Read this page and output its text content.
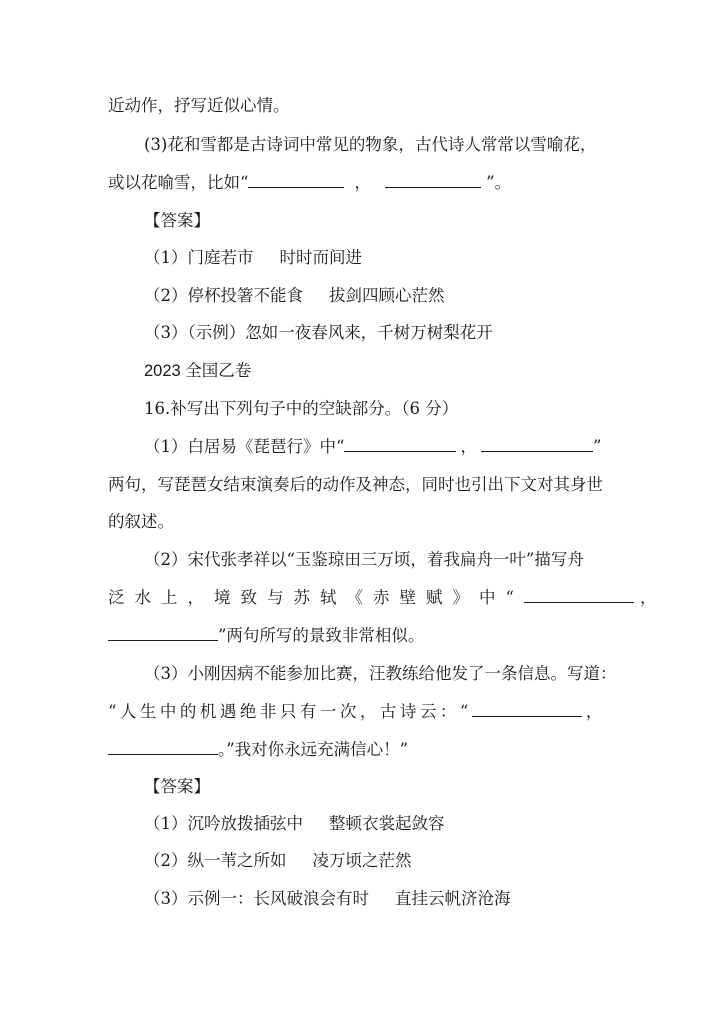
近动作，抒写近似心情。
(3)花和雪都是古诗词中常见的物象，古代诗人常常以雪喻花，
或以花喻雪，比如“	，	”。
【答案】
（1）门庭若市 时时而间进
（2）停杯投箸不能食 拔剑四顾心茫然
（3）（示例）忽如一夜春风来，千树万树梨花开
2023 全国乙卷
16.补写出下列句子中的空缺部分。（6 分）
（1）白居易《琵琶行》中“	，	”
两句，写琵琶女结束演奏后的动作及神态，同时也引出下文对其身世
的叙述。
（2）宋代张孝祥以“玉鉴琼田三万顷，着我扁舟一叶”描写舟
泛水上，境致与苏轼《赤壁赋》中“	，
”两句所写的景致非常相似。
（3）小刚因病不能参加比赛，汪教练给他发了一条信息。写道：
“人生中的机遇绝非只有一次，古诗云：“	，
。”我对你永远充满信心！”
【答案】
（1）沉吟放拨插弦中 整顿衣裳起敛容
（2）纵一苇之所如 凌万顷之茫然
（3）示例一：长风破浪会有时 直挂云帆济沧海
